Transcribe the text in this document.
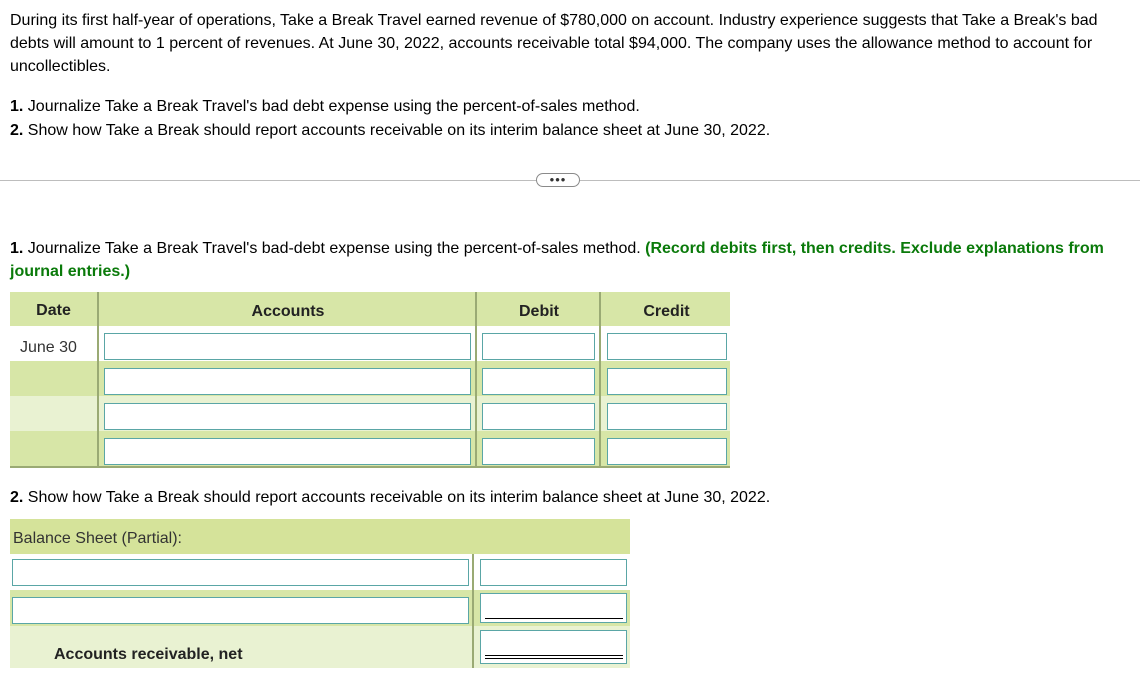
During its first half-year of operations, Take a Break Travel earned revenue of $780,000 on account. Industry experience suggests that Take a Break's bad debts will amount to 1 percent of revenues. At June 30, 2022, accounts receivable total $94,000. The company uses the allowance method to account for uncollectibles.

1. Journalize Take a Break Travel's bad debt expense using the percent-of-sales method.

2. Show how Take a Break should report accounts receivable on its interim balance sheet at June 30, 2022.

•••
1. Journalize Take a Break Travel's bad-debt expense using the percent-of-sales method. (Record debits first, then credits. Exclude explanations from journal entries.)
Date	Accounts	Debit	Credit
June 30
2. Show how Take a Break should report accounts receivable on its interim balance sheet at June 30, 2022.
Balance Sheet (Partial):
Accounts receivable, net
